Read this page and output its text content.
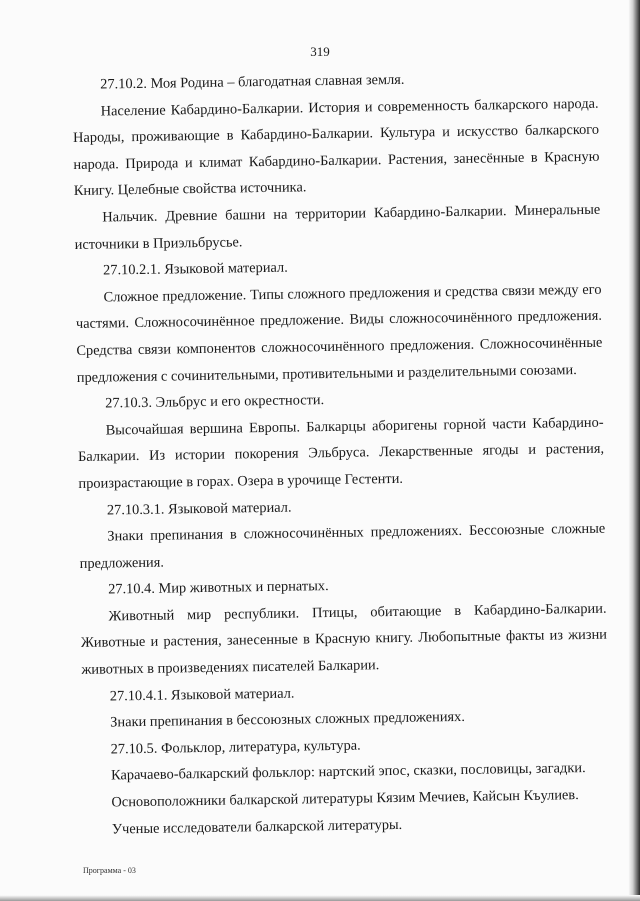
319

27.10.2. Моя Родина – благодатная славная земля.

Население Кабардино-Балкарии. История и современность балкарского народа. Народы, проживающие в Кабардино-Балкарии. Культура и искусство балкарского народа. Природа и климат Кабардино-Балкарии. Растения, занесённые в Красную Книгу. Целебные свойства источника.

Нальчик. Древние башни на территории Кабардино-Балкарии. Минеральные источники в Приэльбрусье.

27.10.2.1. Языковой материал.

Сложное предложение. Типы сложного предложения и средства связи между его частями. Сложносочинённое предложение. Виды сложносочинённого предложения. Средства связи компонентов сложносочинённого предложения. Сложносочинённые предложения с сочинительными, противительными и разделительными союзами.

27.10.3. Эльбрус и его окрестности.

Высочайшая вершина Европы. Балкарцы аборигены горной части Кабардино-Балкарии. Из истории покорения Эльбруса. Лекарственные ягоды и растения, произрастающие в горах. Озера в урочище Гестенти.

27.10.3.1. Языковой материал.

Знаки препинания в сложносочинённых предложениях. Бессоюзные сложные предложения.

27.10.4. Мир животных и пернатых.

Животный мир республики. Птицы, обитающие в Кабардино-Балкарии. Животные и растения, занесенные в Красную книгу. Любопытные факты из жизни животных в произведениях писателей Балкарии.

27.10.4.1. Языковой материал.

Знаки препинания в бессоюзных сложных предложениях.

27.10.5. Фольклор, литература, культура.

Карачаево-балкарский фольклор: нартский эпос, сказки, пословицы, загадки.

Основоположники балкарской литературы Кязим Мечиев, Кайсын Къулиев.

Ученые исследователи балкарской литературы.

Программа - 03
